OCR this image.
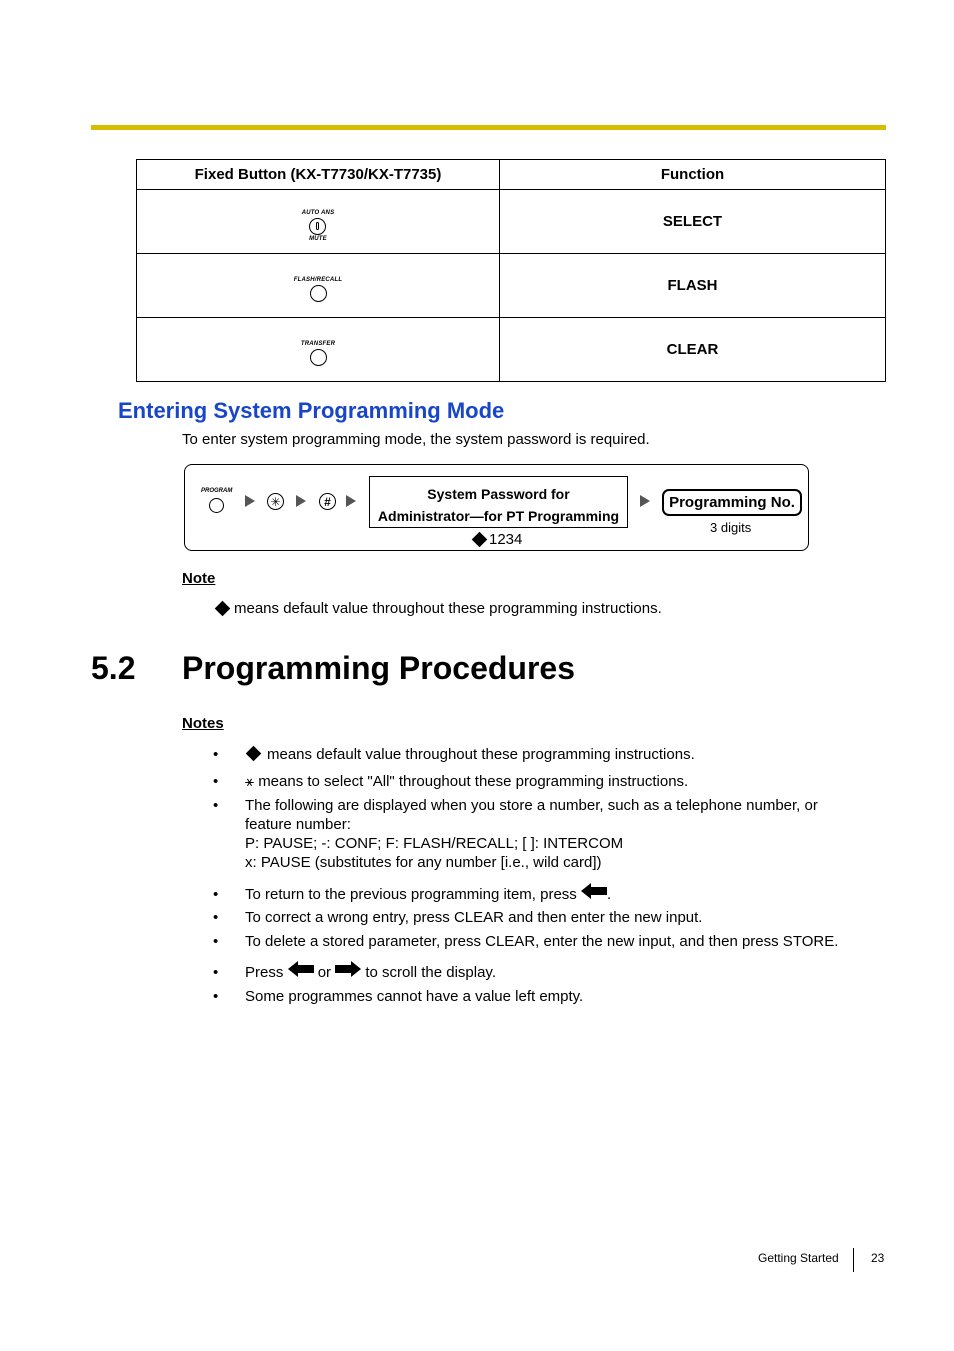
Fixed Button (KX-T7730/KX-T7735)	Function

AUTO ANS
MUTE	SELECT

FLASH/RECALL	FLASH

TRANSFER	CLEAR
Entering System Programming Mode
To enter system programming mode, the system password is required.
PROGRAM
✳	#	System Password for
Administrator—for PT Programming
1234
Programming No.
3 digits
Note
means default value throughout these programming instructions.
5.2 Programming Procedures
Notes
•	means default value throughout these programming instructions.
• ⚹ means to select "All" throughout these programming instructions.
• The following are displayed when you store a number, such as a telephone number, or
feature number:
P: PAUSE; -: CONF; F: FLASH/RECALL; [ ]: INTERCOM
x: PAUSE (substitutes for any number [i.e., wild card])
• To return to the previous programming item, press .
• To correct a wrong entry, press CLEAR and then enter the new input.
• To delete a stored parameter, press CLEAR, enter the new input, and then press STORE.
• Press or to scroll the display.
• Some programmes cannot have a value left empty.
Getting Started	23
